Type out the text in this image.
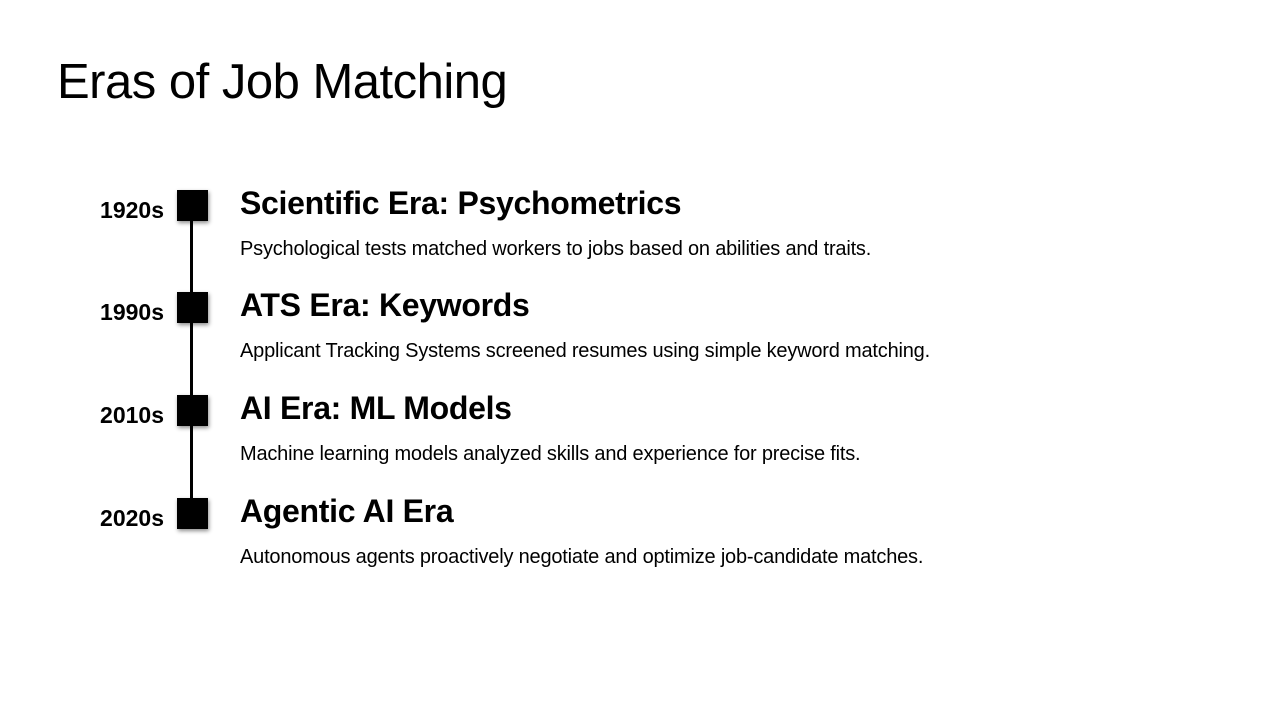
Eras of Job Matching
1920s Scientific Era: Psychometrics
Psychological tests matched workers to jobs based on abilities and traits.
1990s ATS Era: Keywords
Applicant Tracking Systems screened resumes using simple keyword matching.
2010s AI Era: ML Models
Machine learning models analyzed skills and experience for precise fits.
2020s Agentic AI Era
Autonomous agents proactively negotiate and optimize job-candidate matches.
